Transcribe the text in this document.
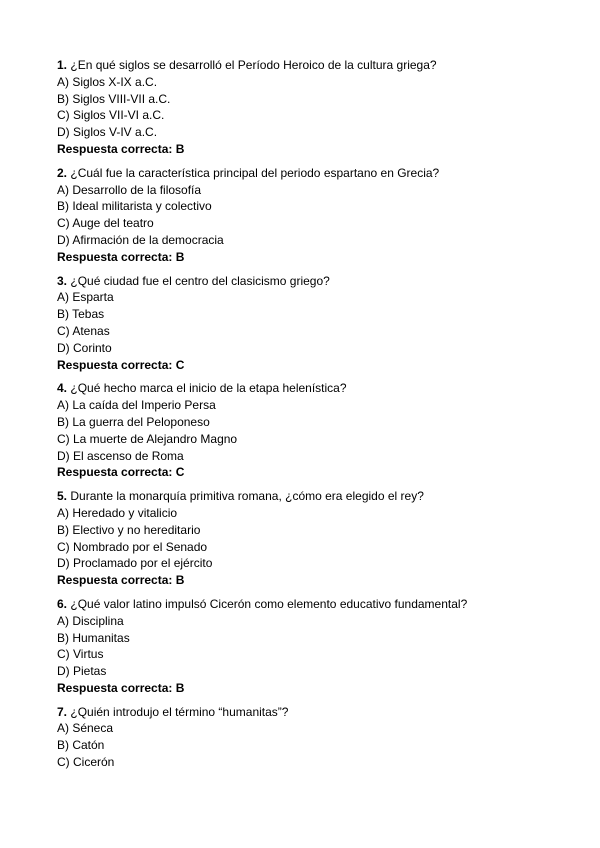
1. ¿En qué siglos se desarrolló el Período Heroico de la cultura griega?
A) Siglos X-IX a.C.
B) Siglos VIII-VII a.C.
C) Siglos VII-VI a.C.
D) Siglos V-IV a.C.
Respuesta correcta: B
2. ¿Cuál fue la característica principal del periodo espartano en Grecia?
A) Desarrollo de la filosofía
B) Ideal militarista y colectivo
C) Auge del teatro
D) Afirmación de la democracia
Respuesta correcta: B
3. ¿Qué ciudad fue el centro del clasicismo griego?
A) Esparta
B) Tebas
C) Atenas
D) Corinto
Respuesta correcta: C
4. ¿Qué hecho marca el inicio de la etapa helenística?
A) La caída del Imperio Persa
B) La guerra del Peloponeso
C) La muerte de Alejandro Magno
D) El ascenso de Roma
Respuesta correcta: C
5. Durante la monarquía primitiva romana, ¿cómo era elegido el rey?
A) Heredado y vitalicio
B) Electivo y no hereditario
C) Nombrado por el Senado
D) Proclamado por el ejército
Respuesta correcta: B
6. ¿Qué valor latino impulsó Cicerón como elemento educativo fundamental?
A) Disciplina
B) Humanitas
C) Virtus
D) Pietas
Respuesta correcta: B
7. ¿Quién introdujo el término “humanitas”?
A) Séneca
B) Catón
C) Cicerón
